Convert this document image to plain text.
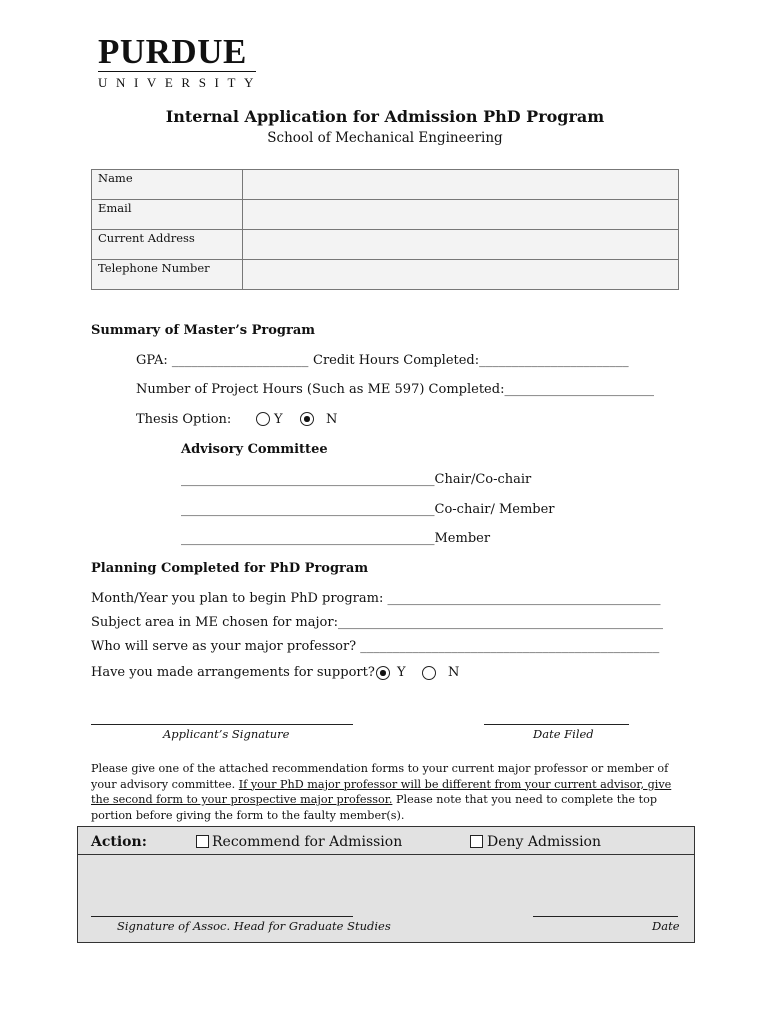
PURDUE
UNIVERSITY
Internal Application for Admission PhD Program
School of Mechanical Engineering
Name	
Email	
Current Address	
Telephone Number	
Summary of Master’s Program
GPA: _____________________ Credit Hours Completed:_______________________
Number of Project Hours (Such as ME 597) Completed:_______________________
Thesis Option:	Y	N
Advisory Committee
_______________________________________Chair/Co-chair
_______________________________________Co-chair/ Member
_______________________________________Member
Planning Completed for PhD Program
Month/Year you plan to begin PhD program: __________________________________________
Subject area in ME chosen for major:__________________________________________________
Who will serve as your major professor? ______________________________________________
Have you made arrangements for support? Y	N
Applicant’s Signature	Date Filed
Please give one of the attached recommendation forms to your current major professor or member of your advisory committee. If your PhD major professor will be different from your current advisor, give the second form to your prospective major professor. Please note that you need to complete the top portion before giving the form to the faulty member(s).
Action:	Recommend for Admission	Deny Admission
Signature of Assoc. Head for Graduate Studies	Date
